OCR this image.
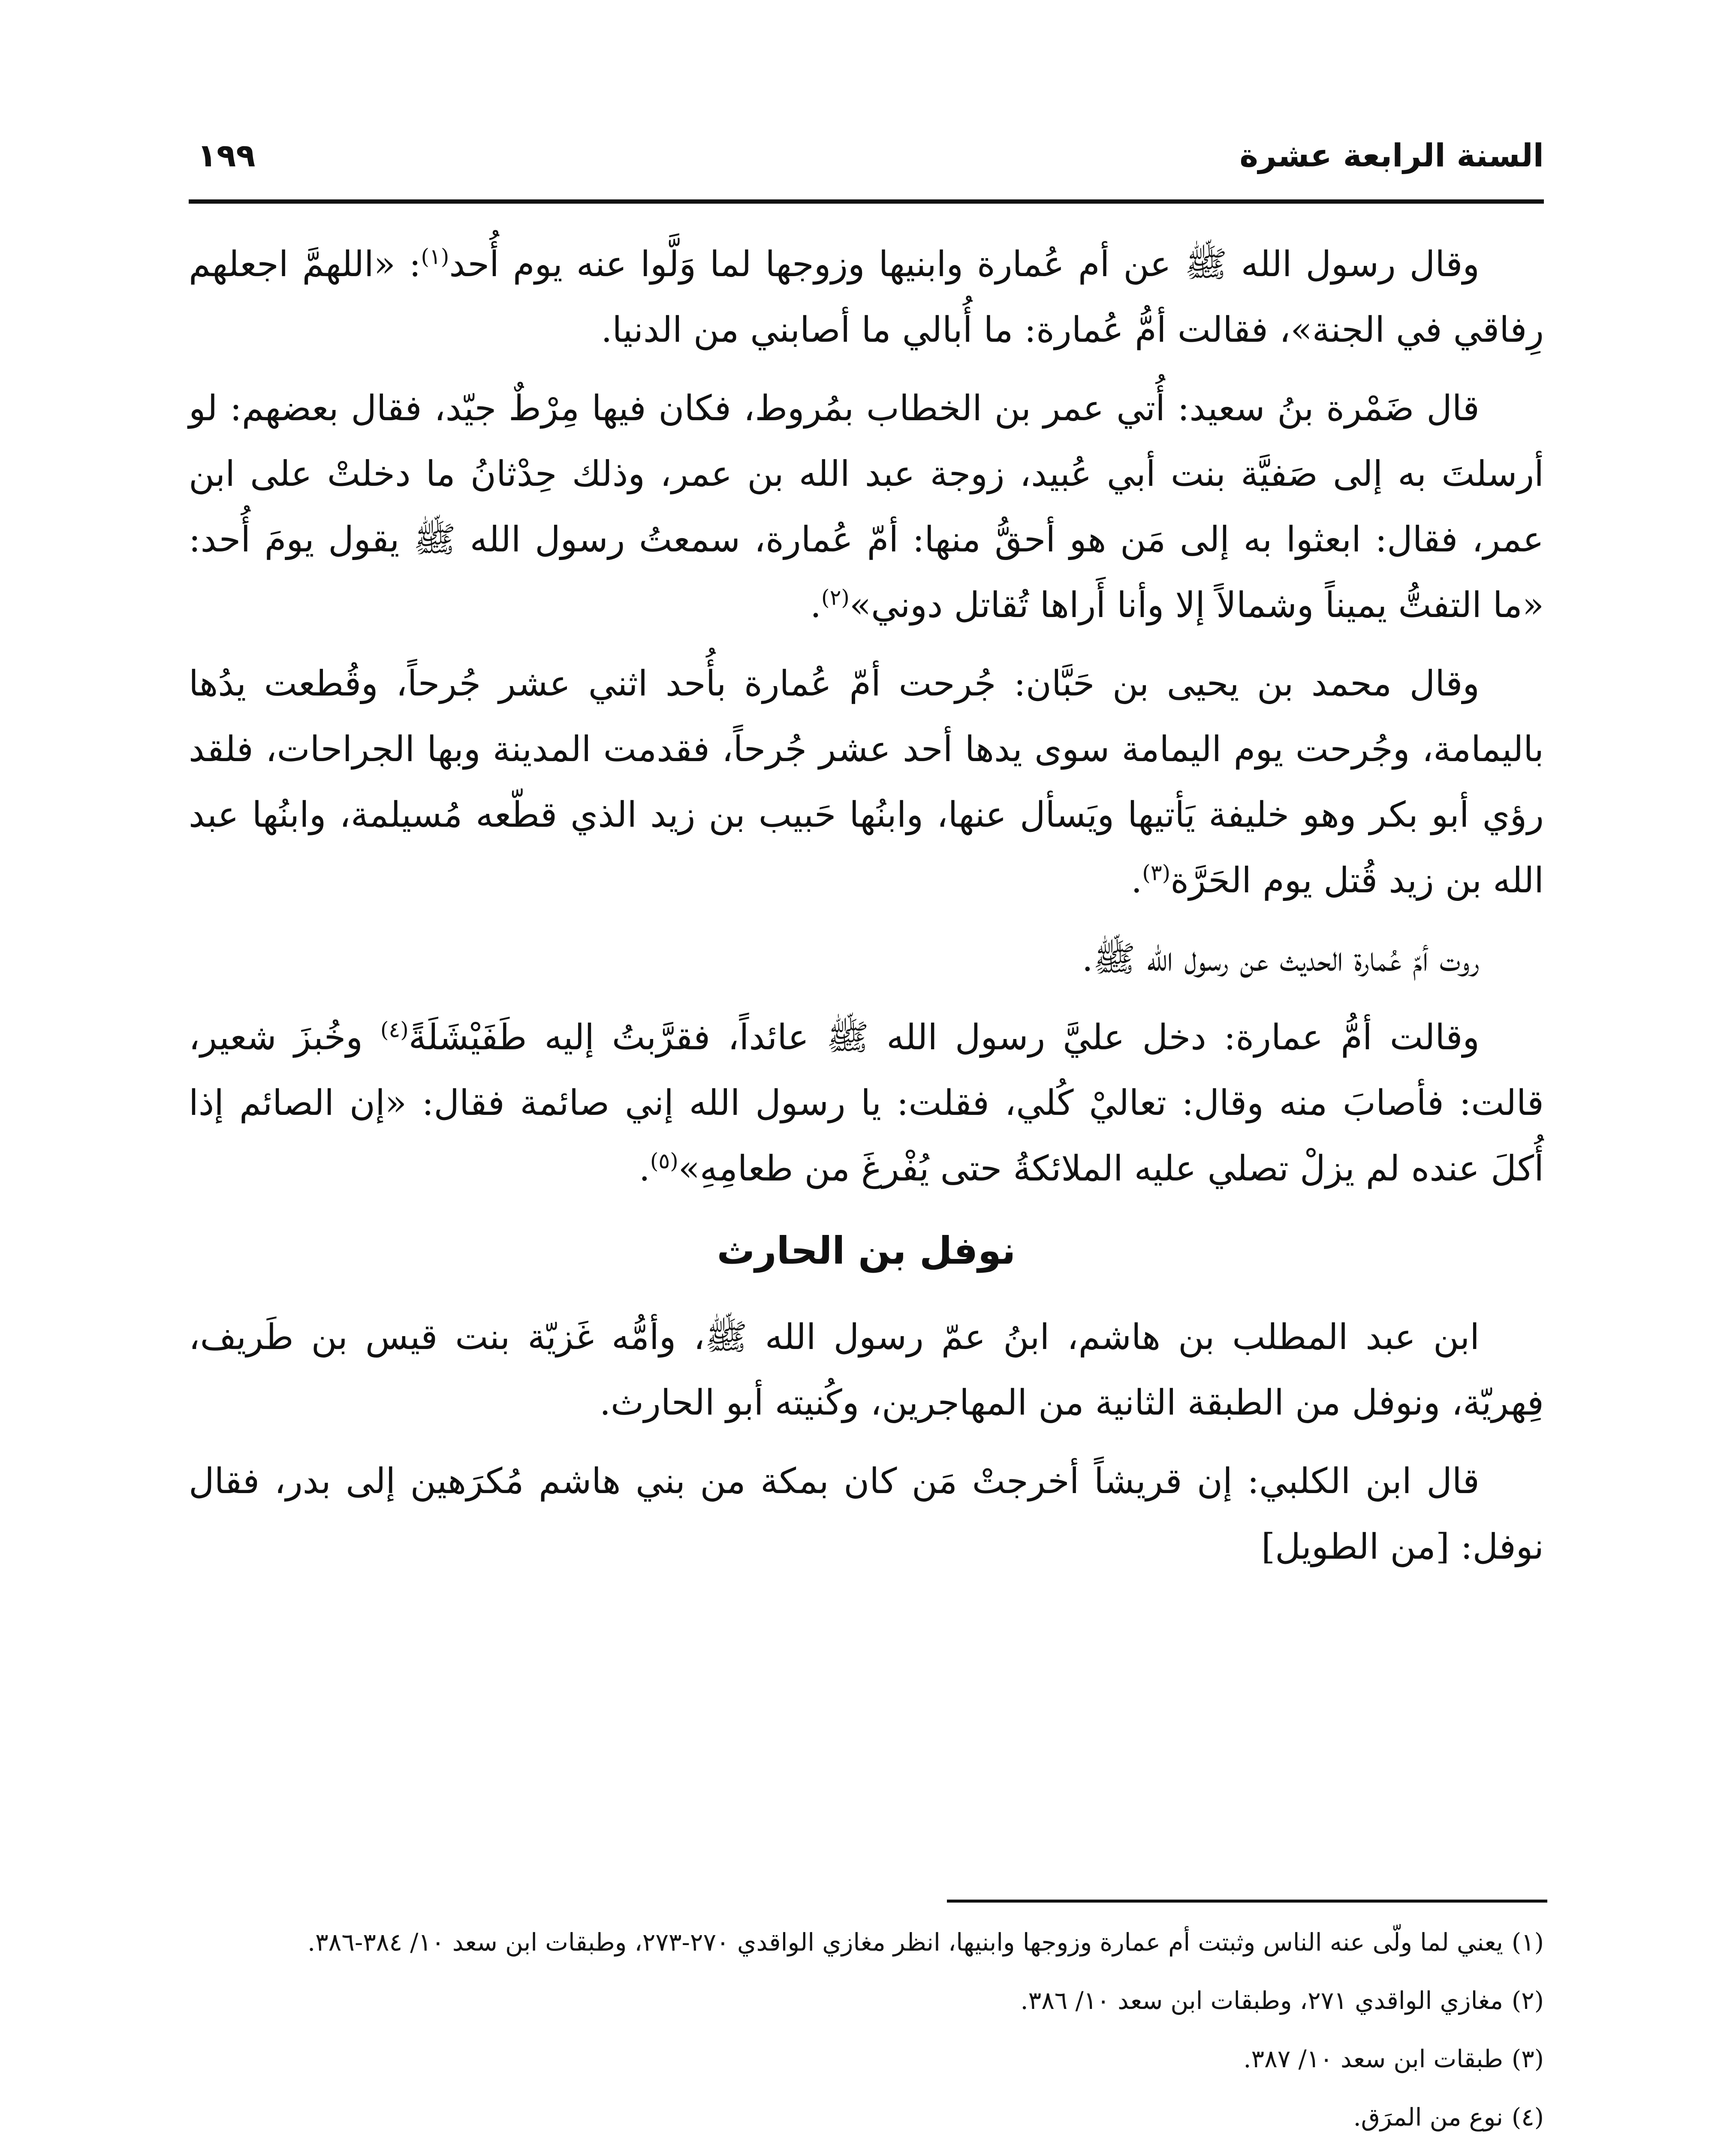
السنة الرابعة عشرة
١٩٩

وقال رسول الله ﷺ عن أم عُمارة وابنيها وزوجها لما وَلَّوا عنه يوم أُحد$^{(١)}$: «اللهمَّ اجعلهم رِفاقي في الجنة»، فقالت أمُّ عُمارة: ما أُبالي ما أصابني من الدنيا.

قال ضَمْرة بنُ سعيد: أُتي عمر بن الخطاب بمُروط، فكان فيها مِرْطٌ جيّد، فقال بعضهم: لو أرسلتَ به إلى صَفيَّة بنت أبي عُبيد، زوجة عبد الله بن عمر، وذلك حِدْثانُ ما دخلتْ على ابن عمر، فقال: ابعثوا به إلى مَن هو أحقُّ منها: أمّ عُمارة، سمعتُ رسول الله ﷺ يقول يومَ أُحد: «ما التفتُّ يميناً وشمالاً إلا وأنا أَراها تُقاتل دوني»$^{(٢)}$.

وقال محمد بن يحيى بن حَبَّان: جُرحت أمّ عُمارة بأُحد اثني عشر جُرحاً، وقُطعت يدُها باليمامة، وجُرحت يوم اليمامة سوى يدها أحد عشر جُرحاً، فقدمت المدينة وبها الجراحات، فلقد رؤي أبو بكر وهو خليفة يَأتيها ويَسأل عنها، وابنُها حَبيب بن زيد الذي قطّعه مُسيلمة، وابنُها عبد الله بن زيد قُتل يوم الحَرَّة$^{(٣)}$.

روت أمّ عُمارة الحديث عن رسول الله ﷺ.

وقالت أمُّ عمارة: دخل عليَّ رسول الله ﷺ عائداً، فقرَّبتُ إليه طَفَيْشَلَةً$^{(٤)}$ وخُبزَ شعير، قالت: فأصابَ منه وقال: تعاليْ كُلي، فقلت: يا رسول الله إني صائمة فقال: «إن الصائم إذا أُكلَ عنده لم يزلْ تصلي عليه الملائكةُ حتى يُفْرغَ من طعامِهِ»$^{(٥)}$.

نوفل بن الحارث

ابن عبد المطلب بن هاشم، ابنُ عمّ رسول الله ﷺ، وأمُّه غَزيّة بنت قيس بن طَريف، فِهريّة، ونوفل من الطبقة الثانية من المهاجرين، وكُنيته أبو الحارث.

قال ابن الكلبي: إن قريشاً أخرجتْ مَن كان بمكة من بني هاشم مُكرَهين إلى بدر، فقال نوفل: [من الطويل]

(١)
يعني لما ولّى عنه الناس وثبتت أم عمارة وزوجها وابنيها، انظر مغازي الواقدي ٢٧٠-٢٧٣، وطبقات ابن سعد ١٠/ ٣٨٤-٣٨٦.
(٢)
مغازي الواقدي ٢٧١، وطبقات ابن سعد ١٠/ ٣٨٦.
(٣)
طبقات ابن سعد ١٠/ ٣٨٧.
(٤)
نوع من المرَق.
